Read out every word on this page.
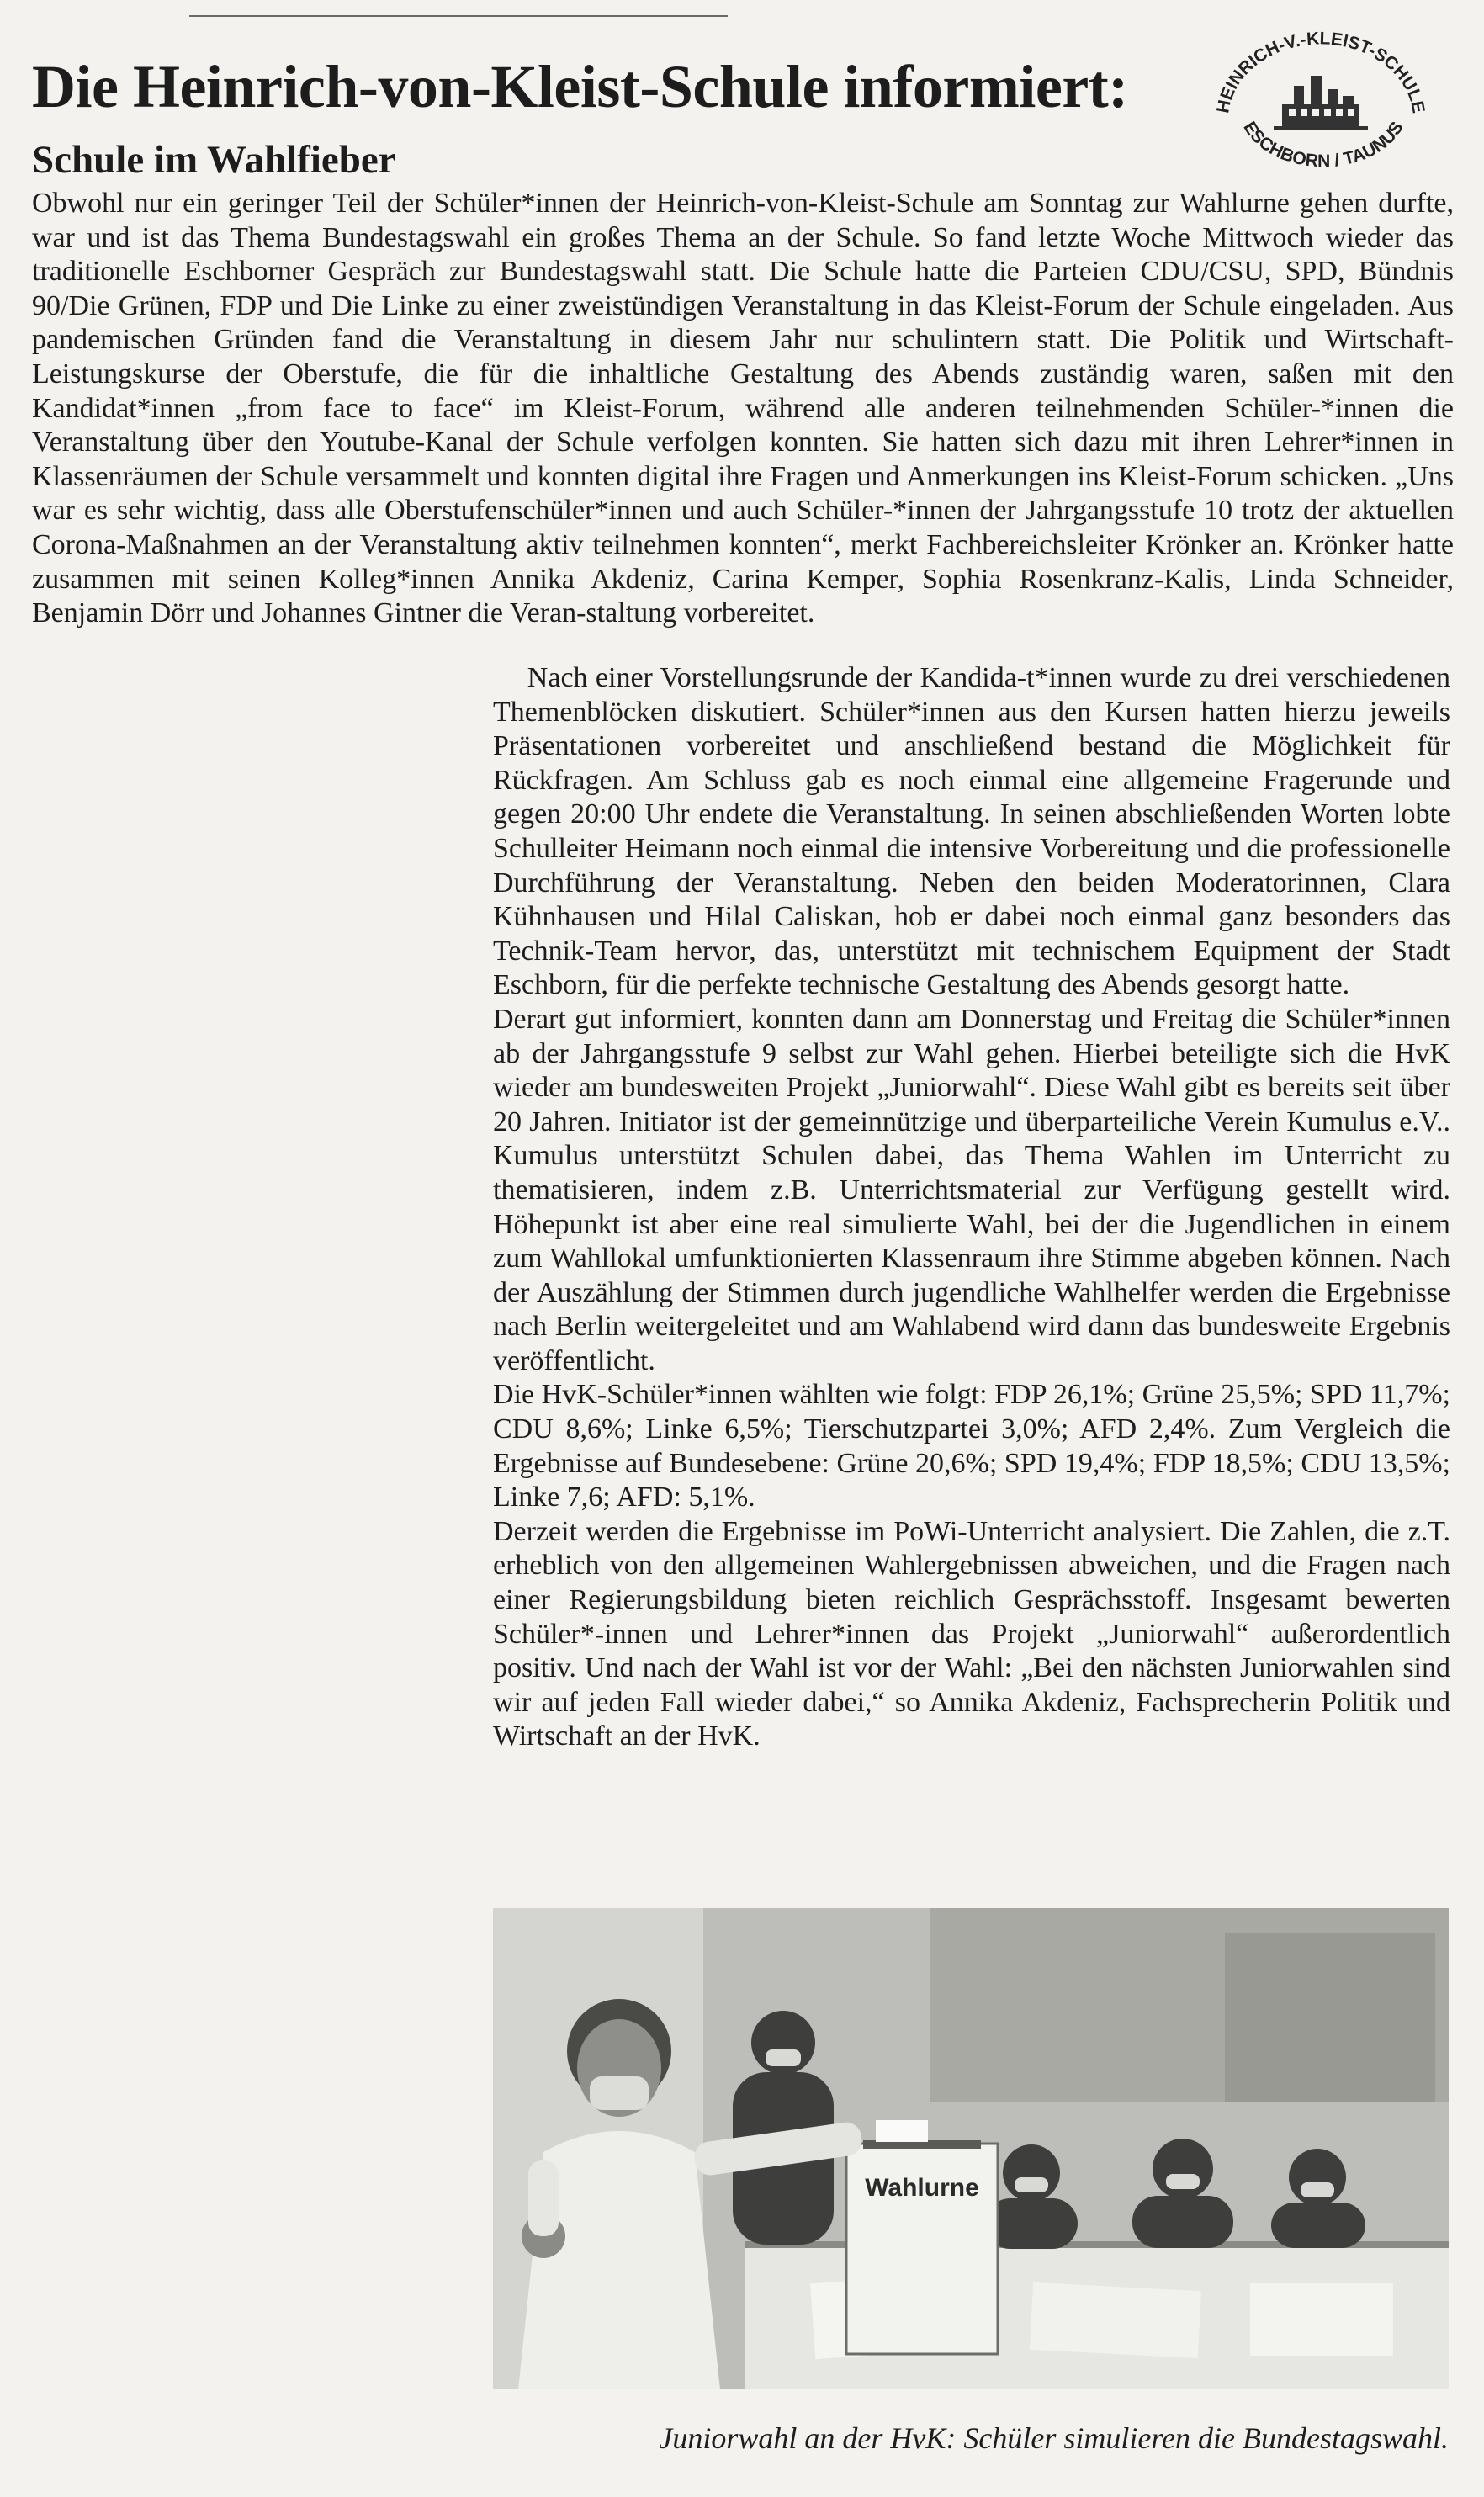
Die Heinrich-von-Kleist-Schule informiert:
Schule im Wahlfieber
HEINRICH-V.-KLEIST-SCHULE
ESCHBORN / TAUNUS

Obwohl nur ein geringer Teil der Schüler*innen der Heinrich-von-Kleist-Schule am Sonntag zur Wahlurne gehen durfte, war und ist das Thema Bundestagswahl ein großes Thema an der Schule. So fand letzte Woche Mittwoch wieder das traditionelle Eschborner Gespräch zur Bundestagswahl statt. Die Schule hatte die Parteien CDU/CSU, SPD, Bündnis 90/Die Grünen, FDP und Die Linke zu einer zweistündigen Veranstaltung in das Kleist-Forum der Schule eingeladen. Aus pandemischen Gründen fand die Veranstaltung in diesem Jahr nur schulintern statt. Die Politik und Wirtschaft-Leistungskurse der Oberstufe, die für die inhaltliche Gestaltung des Abends zuständig waren, saßen mit den Kandidat*innen „from face to face“ im Kleist-Forum, während alle anderen teilnehmenden Schüler-*innen die Veranstaltung über den Youtube-Kanal der Schule verfolgen konnten. Sie hatten sich dazu mit ihren Lehrer*innen in Klassenräumen der Schule versammelt und konnten digital ihre Fragen und Anmerkungen ins Kleist-Forum schicken. „Uns war es sehr wichtig, dass alle Oberstufenschüler*innen und auch Schüler-*innen der Jahrgangsstufe 10 trotz der aktuellen Corona-Maßnahmen an der Veranstaltung aktiv teilnehmen konnten“, merkt Fachbereichsleiter Krönker an. Krönker hatte zusammen mit seinen Kolleg*innen Annika Akdeniz, Carina Kemper, Sophia Rosenkranz-Kalis, Linda Schneider, Benjamin Dörr und Johannes Gintner die Veran-staltung vorbereitet.

Nach einer Vorstellungsrunde der Kandida-t*innen wurde zu drei verschiedenen Themenblöcken diskutiert. Schüler*innen aus den Kursen hatten hierzu jeweils Präsentationen vorbereitet und anschließend bestand die Möglichkeit für Rückfragen. Am Schluss gab es noch einmal eine allgemeine Fragerunde und gegen 20:00 Uhr endete die Veranstaltung. In seinen abschließenden Worten lobte Schulleiter Heimann noch einmal die intensive Vorbereitung und die professionelle Durchführung der Veranstaltung. Neben den beiden Moderatorinnen, Clara Kühnhausen und Hilal Caliskan, hob er dabei noch einmal ganz besonders das Technik-Team hervor, das, unterstützt mit technischem Equipment der Stadt Eschborn, für die perfekte technische Gestaltung des Abends gesorgt hatte.

Derart gut informiert, konnten dann am Donnerstag und Freitag die Schüler*innen ab der Jahrgangsstufe 9 selbst zur Wahl gehen. Hierbei beteiligte sich die HvK wieder am bundesweiten Projekt „Juniorwahl“. Diese Wahl gibt es bereits seit über 20 Jahren. Initiator ist der gemeinnützige und überparteiliche Verein Kumulus e.V.. Kumulus unterstützt Schulen dabei, das Thema Wahlen im Unterricht zu thematisieren, indem z.B. Unterrichtsmaterial zur Verfügung gestellt wird. Höhepunkt ist aber eine real simulierte Wahl, bei der die Jugendlichen in einem zum Wahllokal umfunktionierten Klassenraum ihre Stimme abgeben können. Nach der Auszählung der Stimmen durch jugendliche Wahlhelfer werden die Ergebnisse nach Berlin weitergeleitet und am Wahlabend wird dann das bundesweite Ergebnis veröffentlicht.

Die HvK-Schüler*innen wählten wie folgt: FDP 26,1%; Grüne 25,5%; SPD 11,7%; CDU 8,6%; Linke 6,5%; Tierschutzpartei 3,0%; AFD 2,4%. Zum Vergleich die Ergebnisse auf Bundesebene: Grüne 20,6%; SPD 19,4%; FDP 18,5%; CDU 13,5%; Linke 7,6; AFD: 5,1%.

Derzeit werden die Ergebnisse im PoWi-Unterricht analysiert. Die Zahlen, die z.T. erheblich von den allgemeinen Wahlergebnissen abweichen, und die Fragen nach einer Regierungsbildung bieten reichlich Gesprächsstoff. Insgesamt bewerten Schüler*-innen und Lehrer*innen das Projekt „Juniorwahl“ außerordentlich positiv. Und nach der Wahl ist vor der Wahl: „Bei den nächsten Juniorwahlen sind wir auf jeden Fall wieder dabei,“ so Annika Akdeniz, Fachsprecherin Politik und Wirtschaft an der HvK.

Wahlurne

Juniorwahl an der HvK: Schüler simulieren die Bundestagswahl.
